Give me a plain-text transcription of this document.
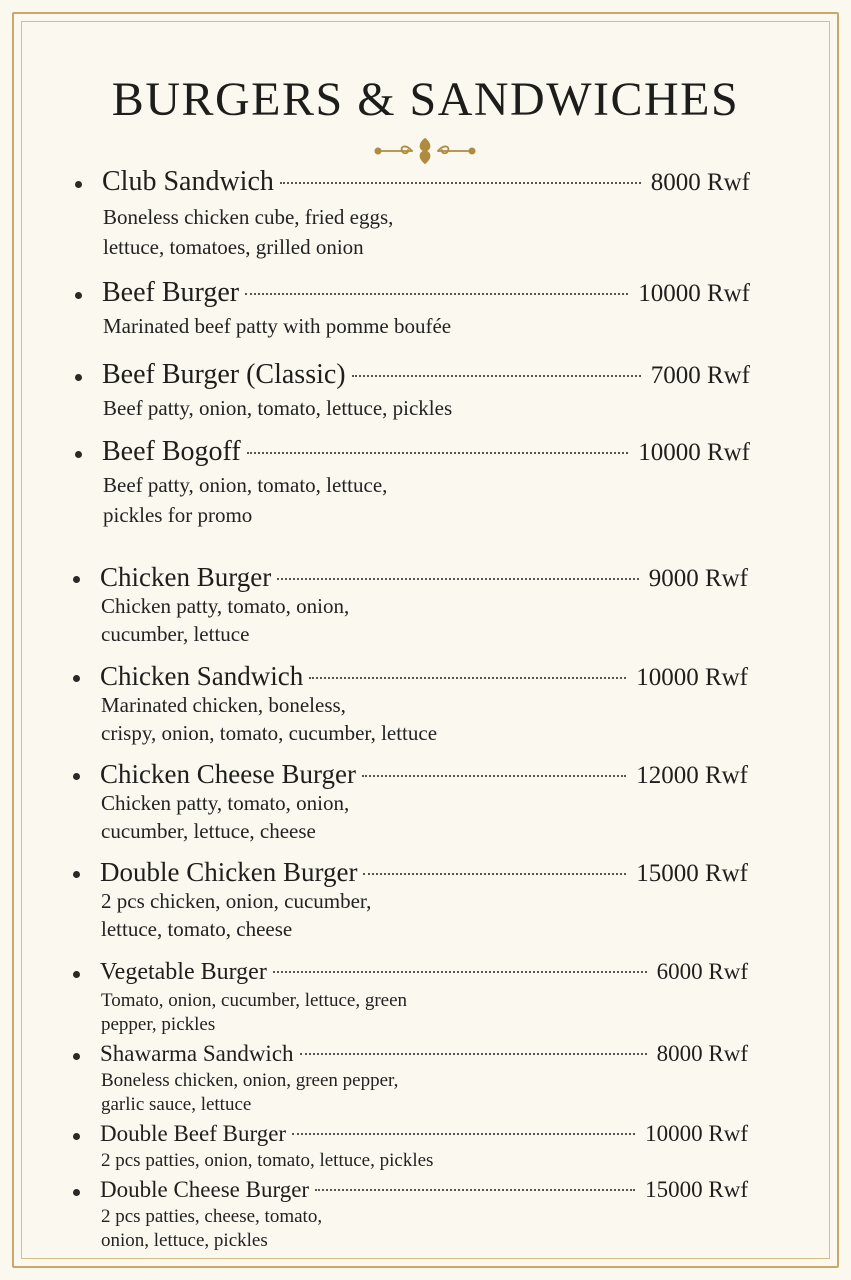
BURGERS & SANDWICHES
Club Sandwich	8000 Rwf
Boneless chicken cube, fried eggs,
lettuce, tomatoes, grilled onion
Beef Burger	10000 Rwf
Marinated beef patty with pomme boufée
Beef Burger (Classic)	7000 Rwf
Beef patty, onion, tomato, lettuce, pickles
Beef Bogoff	10000 Rwf
Beef patty, onion, tomato, lettuce,
pickles for promo
Chicken Burger	9000 Rwf
Chicken patty, tomato, onion,
cucumber, lettuce
Chicken Sandwich	10000 Rwf
Marinated chicken, boneless,
crispy, onion, tomato, cucumber, lettuce
Chicken Cheese Burger	12000 Rwf
Chicken patty, tomato, onion,
cucumber, lettuce, cheese
Double Chicken Burger	15000 Rwf
2 pcs chicken, onion, cucumber,
lettuce, tomato, cheese
Vegetable Burger	6000 Rwf
Tomato, onion, cucumber, lettuce, green
pepper, pickles
Shawarma Sandwich	8000 Rwf
Boneless chicken, onion, green pepper,
garlic sauce, lettuce
Double Beef Burger	10000 Rwf
2 pcs patties, onion, tomato, lettuce, pickles
Double Cheese Burger	15000 Rwf
2 pcs patties, cheese, tomato,
onion, lettuce, pickles
